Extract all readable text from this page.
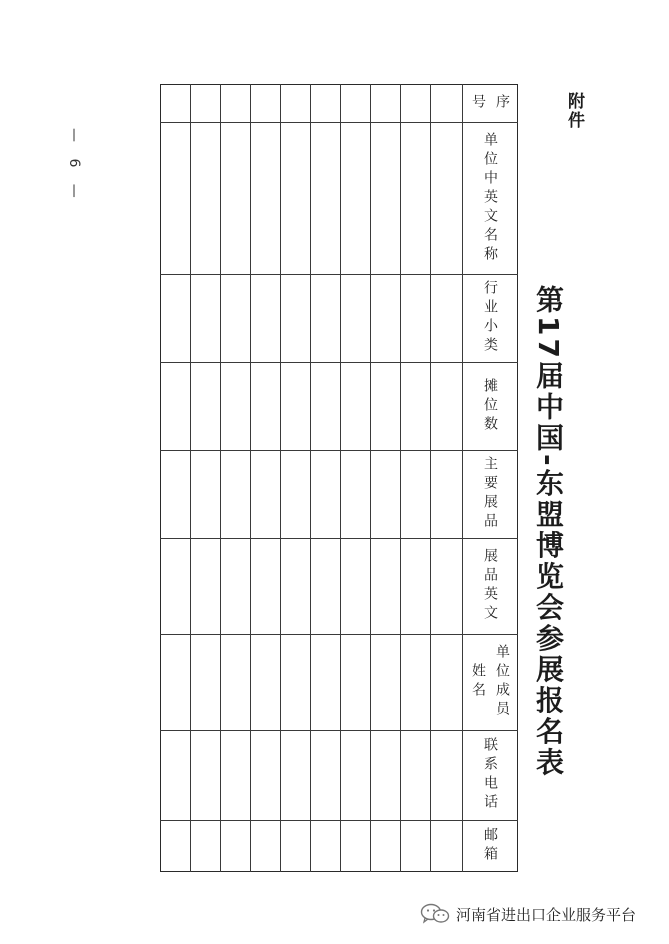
附件
第17届中国-东盟博览会参展报名表
序
号
单位中英文名称
行业小类
摊位数
主要展品
展品英文
单位成员
姓名
联系电话
邮箱
— 6 —
河南省进出口企业服务平台
